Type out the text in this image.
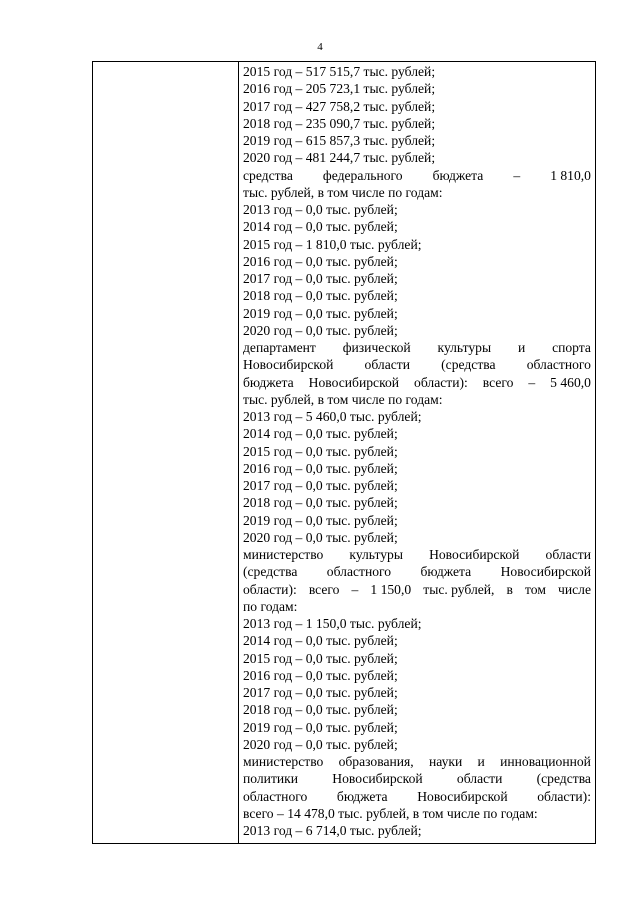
4
2015 год – 517 515,7 тыс. рублей;
2016 год – 205 723,1 тыс. рублей;
2017 год – 427 758,2 тыс. рублей;
2018 год – 235 090,7 тыс. рублей;
2019 год – 615 857,3 тыс. рублей;
2020 год – 481 244,7 тыс. рублей;
средства федерального бюджета – 1 810,0
тыс. рублей, в том числе по годам:
2013 год – 0,0 тыс. рублей;
2014 год – 0,0 тыс. рублей;
2015 год – 1 810,0 тыс. рублей;
2016 год – 0,0 тыс. рублей;
2017 год – 0,0 тыс. рублей;
2018 год – 0,0 тыс. рублей;
2019 год – 0,0 тыс. рублей;
2020 год – 0,0 тыс. рублей;
департамент физической культуры и спорта
Новосибирской области (средства областного
бюджета Новосибирской области): всего – 5 460,0
тыс. рублей, в том числе по годам:
2013 год – 5 460,0 тыс. рублей;
2014 год – 0,0 тыс. рублей;
2015 год – 0,0 тыс. рублей;
2016 год – 0,0 тыс. рублей;
2017 год – 0,0 тыс. рублей;
2018 год – 0,0 тыс. рублей;
2019 год – 0,0 тыс. рублей;
2020 год – 0,0 тыс. рублей;
министерство культуры Новосибирской области
(средства областного бюджета Новосибирской
области): всего – 1 150,0 тыс. рублей, в том числе
по годам:
2013 год – 1 150,0 тыс. рублей;
2014 год – 0,0 тыс. рублей;
2015 год – 0,0 тыс. рублей;
2016 год – 0,0 тыс. рублей;
2017 год – 0,0 тыс. рублей;
2018 год – 0,0 тыс. рублей;
2019 год – 0,0 тыс. рублей;
2020 год – 0,0 тыс. рублей;
министерство образования, науки и инновационной
политики	Новосибирской	области	(средства
областного бюджета Новосибирской области):
всего – 14 478,0 тыс. рублей, в том числе по годам:
2013 год – 6 714,0 тыс. рублей;
